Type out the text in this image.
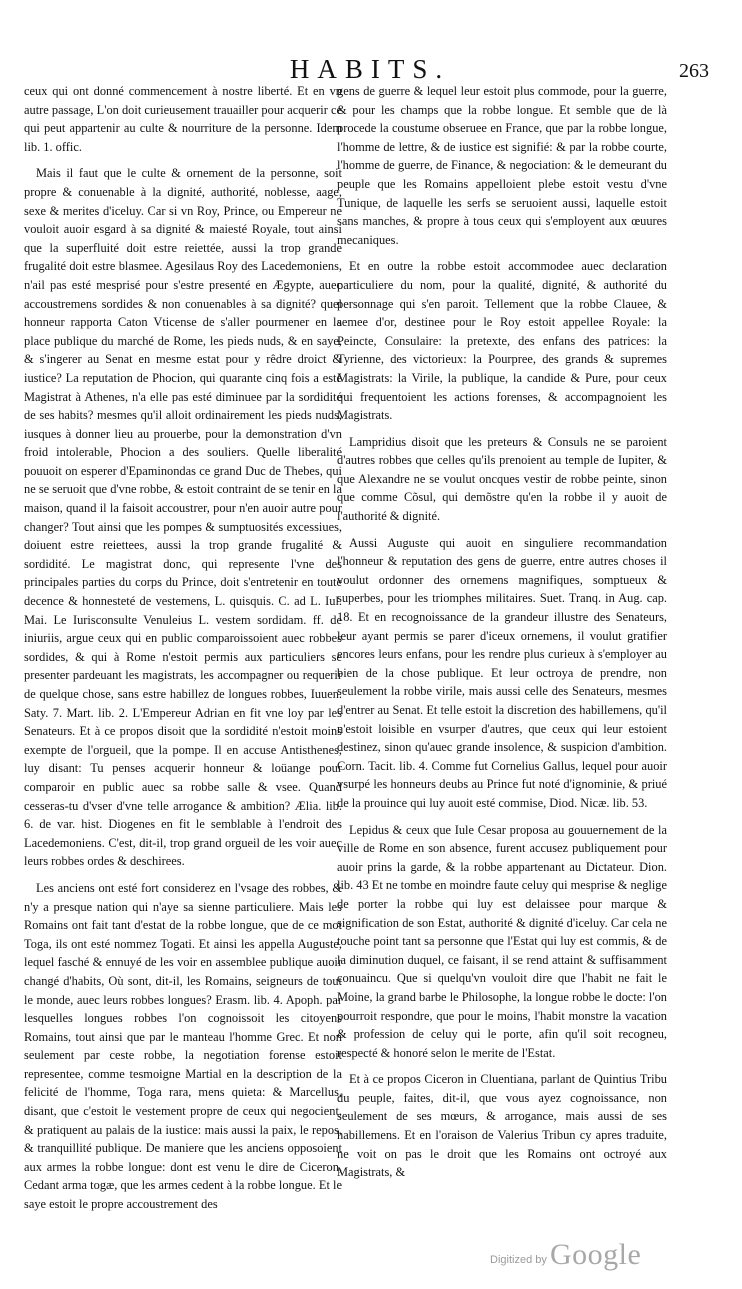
HABITS.	263

ceux qui ont donné commencement à nostre liberté. Et en vn autre passage, L'on doit curieusement trauailler pour acquerir ce qui peut appartenir au culte & nourriture de la personne. Idem lib. 1. offic.

Mais il faut que le culte & ornement de la personne, soit propre & conuenable à la dignité, authorité, noblesse, aage, sexe & merites d'iceluy. Car si vn Roy, Prince, ou Empereur ne vouloit auoir esgard à sa dignité & maiesté Royale, tout ainsi que la superfluité doit estre reiettée, aussi la trop grande frugalité doit estre blasmee. Agesilaus Roy des Lacedemoniens, n'ail pas esté mesprisé pour s'estre presenté en Ægypte, auec accoustremens sordides & non conuenables à sa dignité? quel honneur rapporta Caton Vticense de s'aller pourmener en la place publique du marché de Rome, les pieds nuds, & en saye, & s'ingerer au Senat en mesme estat pour y rêdre droict & iustice? La reputation de Phocion, qui quarante cinq fois a esté Magistrat à Athenes, n'a elle pas esté diminuee par la sordidité de ses habits? mesmes qu'il alloit ordinairement les pieds nuds, iusques à donner lieu au prouerbe, pour la demonstration d'vn froid intolerable, Phocion a des souliers. Quelle liberalité pouuoit on esperer d'Epaminondas ce grand Duc de Thebes, qui ne se seruoit que d'vne robbe, & estoit contraint de se tenir en la maison, quand il la faisoit accoustrer, pour n'en auoir autre pour changer? Tout ainsi que les pompes & sumptuosités excessiues, doiuent estre reiettees, aussi la trop grande frugalité & sordidité. Le magistrat donc, qui represente l'vne des principales parties du corps du Prince, doit s'entretenir en toute decence & honnesteté de vestemens, L. quisquis. C. ad L. Iul. Mai. Le Iurisconsulte Venuleius L. vestem sordidam. ff. de iniuriis, argue ceux qui en public comparoissoient auec robbes sordides, & qui à Rome n'estoit permis aux particuliers se presenter pardeuant les magistrats, les accompagner ou requerir de quelque chose, sans estre habillez de longues robbes, Iuuen. Saty. 7. Mart. lib. 2. L'Empereur Adrian en fit vne loy par les Senateurs. Et à ce propos disoit que la sordidité n'estoit moins exempte de l'orgueil, que la pompe. Il en accuse Antisthenes, luy disant: Tu penses acquerir honneur & loüange pour comparoir en public auec sa robbe salle & vsee. Quand cesseras-tu d'vser d'vne telle arrogance & ambition? Ælia. lib. 6. de var. hist. Diogenes en fit le semblable à l'endroit des Lacedemoniens. C'est, dit-il, trop grand orgueil de les voir auec leurs robbes ordes & deschirees.

Les anciens ont esté fort considerez en l'vsage des robbes, & n'y a presque nation qui n'aye sa sienne particuliere. Mais les Romains ont fait tant d'estat de la robbe longue, que de ce mot Toga, ils ont esté nommez Togati. Et ainsi les appella Auguste, lequel fasché & ennuyé de les voir en assemblee publique auoir changé d'habits, Où sont, dit-il, les Romains, seigneurs de tout le monde, auec leurs robbes longues? Erasm. lib. 4. Apoph. par lesquelles longues robbes l'on cognoissoit les citoyens Romains, tout ainsi que par le manteau l'homme Grec. Et non seulement par ceste robbe, la negotiation forense estoit representee, comme tesmoigne Martial en la description de la felicité de l'homme, Toga rara, mens quieta: & Marcellus, disant, que c'estoit le vestement propre de ceux qui negocient, & pratiquent au palais de la iustice: mais aussi la paix, le repos, & tranquillité publique. De maniere que les anciens opposoient aux armes la robbe longue: dont est venu le dire de Ciceron, Cedant arma togæ, que les armes cedent à la robbe longue. Et le saye estoit le propre accoustrement des

gens de guerre & lequel leur estoit plus commode, pour la guerre, & pour les champs que la robbe longue. Et semble que de là procede la coustume obseruee en France, que par la robbe longue, l'homme de lettre, & de iustice est signifié: & par la robbe courte, l'homme de guerre, de Finance, & negociation: & le demeurant du peuple que les Romains appelloient plebe estoit vestu d'vne Tunique, de laquelle les serfs se seruoient aussi, laquelle estoit sans manches, & propre à tous ceux qui s'employent aux œuures mecaniques.

Et en outre la robbe estoit accommodee auec declaration particuliere du nom, pour la qualité, dignité, & authorité du personnage qui s'en paroit. Tellement que la robbe Clauee, & semee d'or, destinee pour le Roy estoit appellee Royale: la Peincte, Consulaire: la pretexte, des enfans des patrices: la Tyrienne, des victorieux: la Pourpree, des grands & supremes Magistrats: la Virile, la publique, la candide & Pure, pour ceux qui frequentoient les actions forenses, & accompagnoient les Magistrats.

Lampridius disoit que les preteurs & Consuls ne se paroient d'autres robbes que celles qu'ils prenoient au temple de Iupiter, & que Alexandre ne se voulut oncques vestir de robbe peinte, sinon que comme Cõsul, qui demõstre qu'en la robbe il y auoit de l'authorité & dignité.

Aussi Auguste qui auoit en singuliere recommandation l'honneur & reputation des gens de guerre, entre autres choses il voulut ordonner des ornemens magnifiques, somptueux & superbes, pour les triomphes militaires. Suet. Tranq. in Aug. cap. 18. Et en recognoissance de la grandeur illustre des Senateurs, leur ayant permis se parer d'iceux ornemens, il voulut gratifier encores leurs enfans, pour les rendre plus curieux à s'employer au bien de la chose publique. Et leur octroya de prendre, non seulement la robbe virile, mais aussi celle des Senateurs, mesmes d'entrer au Senat. Et telle estoit la discretion des habillemens, qu'il n'estoit loisible en vsurper d'autres, que ceux qui leur estoient destinez, sinon qu'auec grande insolence, & suspicion d'ambition. Corn. Tacit. lib. 4. Comme fut Cornelius Gallus, lequel pour auoir vsurpé les honneurs deubs au Prince fut noté d'ignominie, & priué de la prouince qui luy auoit esté commise, Diod. Nicæ. lib. 53.

Lepidus & ceux que Iule Cesar proposa au gouuernement de la ville de Rome en son absence, furent accusez publiquement pour auoir prins la garde, & la robbe appartenant au Dictateur. Dion. lib. 43 Et ne tombe en moindre faute celuy qui mesprise & neglige de porter la robbe qui luy est delaissee pour marque & signification de son Estat, authorité & dignité d'iceluy. Car cela ne touche point tant sa personne que l'Estat qui luy est commis, & de la diminution duquel, ce faisant, il se rend attaint & suffisamment conuaincu. Que si quelqu'vn vouloit dire que l'habit ne fait le Moine, la grand barbe le Philosophe, la longue robbe le docte: l'on pourroit respondre, que pour le moins, l'habit monstre la vacation & profession de celuy qui le porte, afin qu'il soit recogneu, respecté & honoré selon le merite de l'Estat.

Et à ce propos Ciceron in Cluentiana, parlant de Quintius Tribu du peuple, faites, dit-il, que vous ayez cognoissance, non seulement de ses mœurs, & arrogance, mais aussi de ses habillemens. Et en l'oraison de Valerius Tribun cy apres traduite, ne voit on pas le droit que les Romains ont octroyé aux Magistrats, &

Digitized by Google
